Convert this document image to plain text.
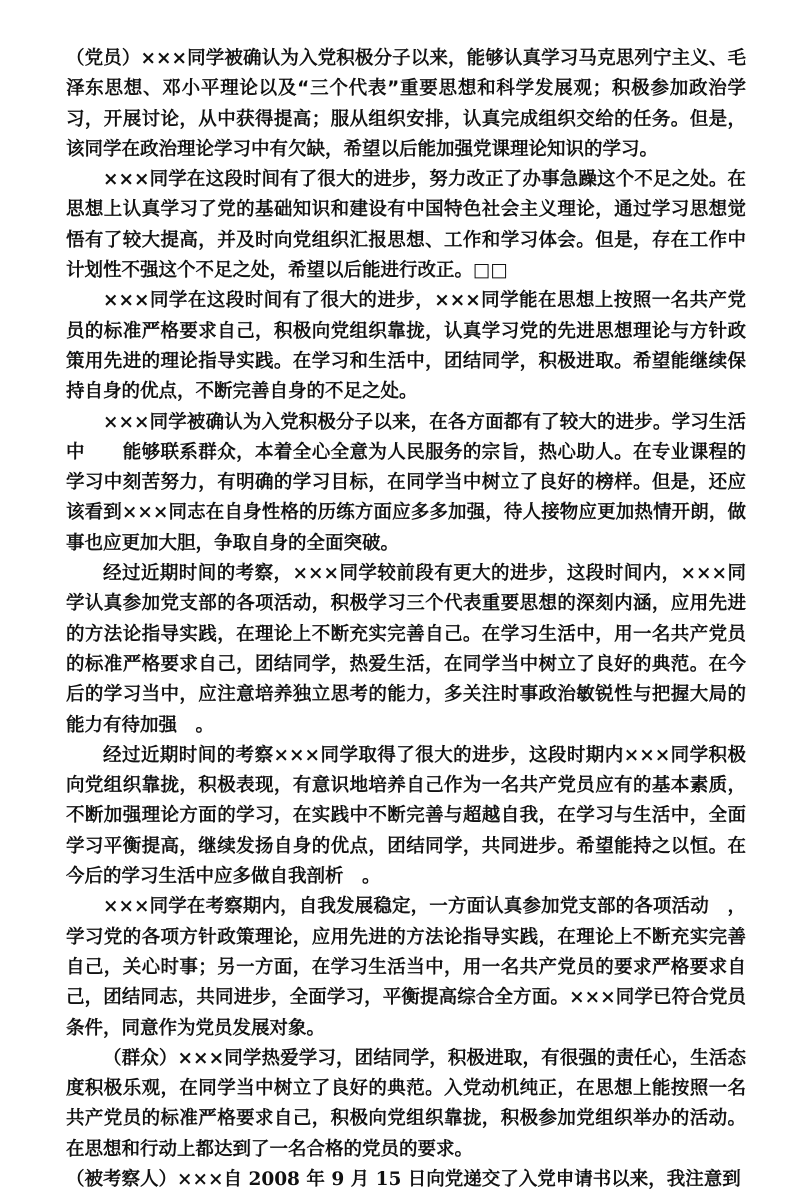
（党员）×××同学被确认为入党积极分子以来，能够认真学习马克思列宁主义、毛泽东思想、邓小平理论以及“三个代表”重要思想和科学发展观；积极参加政治学习，开展讨论，从中获得提高；服从组织安排，认真完成组织交给的任务。但是，该同学在政治理论学习中有欠缺，希望以后能加强党课理论知识的学习。

×××同学在这段时间有了很大的进步，努力改正了办事急躁这个不足之处。在思想上认真学习了党的基础知识和建设有中国特色社会主义理论，通过学习思想觉悟有了较大提高，并及时向党组织汇报思想、工作和学习体会。但是，存在工作中计划性不强这个不足之处，希望以后能进行改正。□□

×××同学在这段时间有了很大的进步，×××同学能在思想上按照一名共产党员的标准严格要求自己，积极向党组织靠拢，认真学习党的先进思想理论与方针政策用先进的理论指导实践。在学习和生活中，团结同学，积极进取。希望能继续保持自身的优点，不断完善自身的不足之处。

×××同学被确认为入党积极分子以来，在各方面都有了较大的进步。学习生活中　　能够联系群众，本着全心全意为人民服务的宗旨，热心助人。在专业课程的学习中刻苦努力，有明确的学习目标，在同学当中树立了良好的榜样。但是，还应该看到×××同志在自身性格的历练方面应多多加强，待人接物应更加热情开朗，做事也应更加大胆，争取自身的全面突破。

经过近期时间的考察，×××同学较前段有更大的进步，这段时间内，×××同学认真参加党支部的各项活动，积极学习三个代表重要思想的深刻内涵，应用先进的方法论指导实践，在理论上不断充实完善自己。在学习生活中，用一名共产党员的标准严格要求自己，团结同学，热爱生活，在同学当中树立了良好的典范。在今后的学习当中，应注意培养独立思考的能力，多关注时事政治敏锐性与把握大局的能力有待加强　。

经过近期时间的考察×××同学取得了很大的进步，这段时期内×××同学积极向党组织靠拢，积极表现，有意识地培养自己作为一名共产党员应有的基本素质，不断加强理论方面的学习，在实践中不断完善与超越自我，在学习与生活中，全面学习平衡提高，继续发扬自身的优点，团结同学，共同进步。希望能持之以恒。在今后的学习生活中应多做自我剖析　。

×××同学在考察期内，自我发展稳定，一方面认真参加党支部的各项活动　，学习党的各项方针政策理论，应用先进的方法论指导实践，在理论上不断充实完善自己，关心时事；另一方面，在学习生活当中，用一名共产党员的要求严格要求自己，团结同志，共同进步，全面学习，平衡提高综合全方面。×××同学已符合党员条件，同意作为党员发展对象。

（群众）×××同学热爱学习，团结同学，积极进取，有很强的责任心，生活态度积极乐观，在同学当中树立了良好的典范。入党动机纯正，在思想上能按照一名共产党员的标准严格要求自己，积极向党组织靠拢，积极参加党组织举办的活动。在思想和行动上都达到了一名合格的党员的要求。

（被考察人）×××自 2008 年 9 月 15 日向党递交了入党申请书以来，我注意到
